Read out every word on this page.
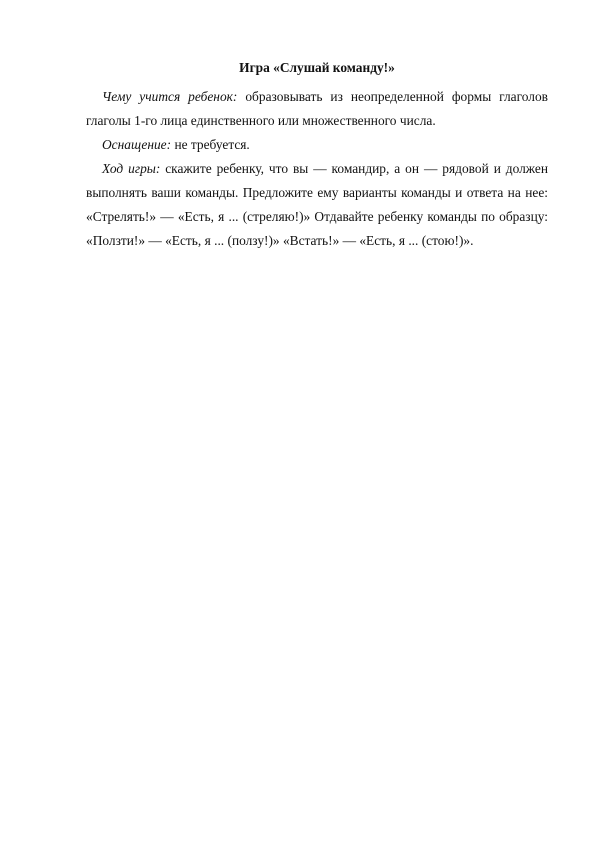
Игра «Слушай команду!»

Чему учится ребенок: образовывать из неопределенной формы глаголов глаголы 1-го лица единственного или множественного числа.

Оснащение: не требуется.

Ход игры: скажите ребенку, что вы — командир, а он — рядовой и должен выполнять ваши команды. Предложите ему варианты команды и ответа на нее: «Стрелять!» — «Есть, я ... (стреляю!)» Отдавайте ребенку команды по образцу: «Ползти!» — «Есть, я ... (ползу!)» «Встать!» — «Есть, я ... (стою!)».
